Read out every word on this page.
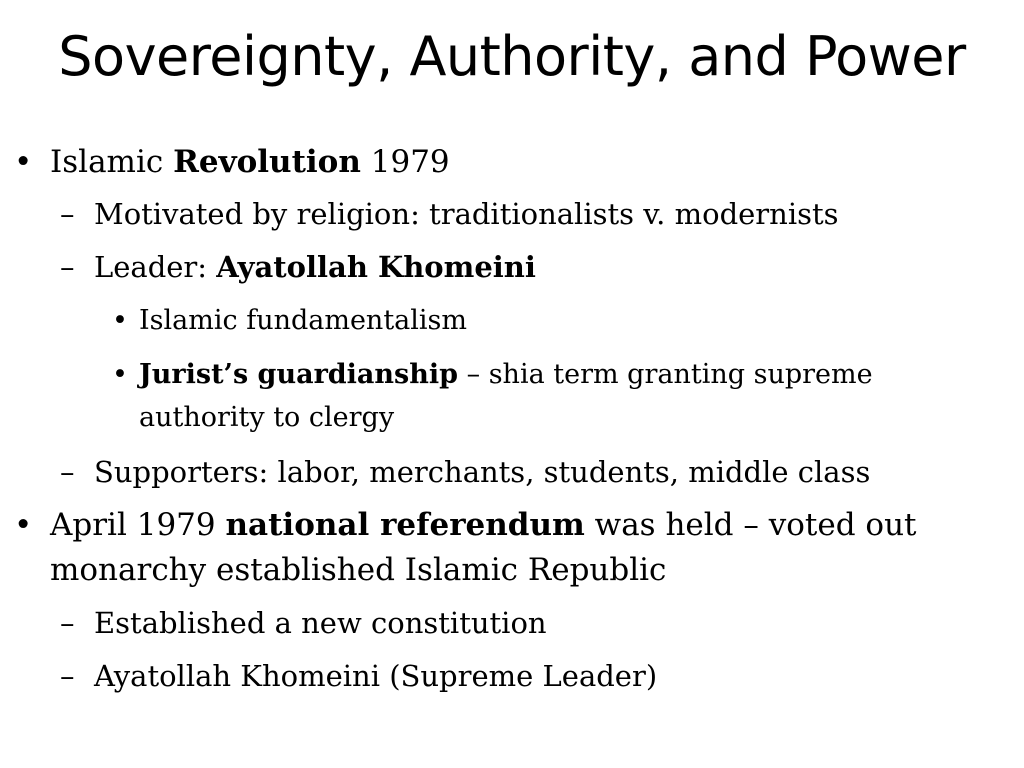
Sovereignty, Authority, and Power
• Islamic Revolution 1979

– Motivated by religion: traditionalists v. modernists

– Leader: Ayatollah Khomeini

• Islamic fundamentalism

• Jurist’s guardianship – shia term granting supreme

authority to clergy

– Supporters: labor, merchants, students, middle class

• April 1979 national referendum was held – voted out

monarchy established Islamic Republic

– Established a new constitution

– Ayatollah Khomeini (Supreme Leader)
